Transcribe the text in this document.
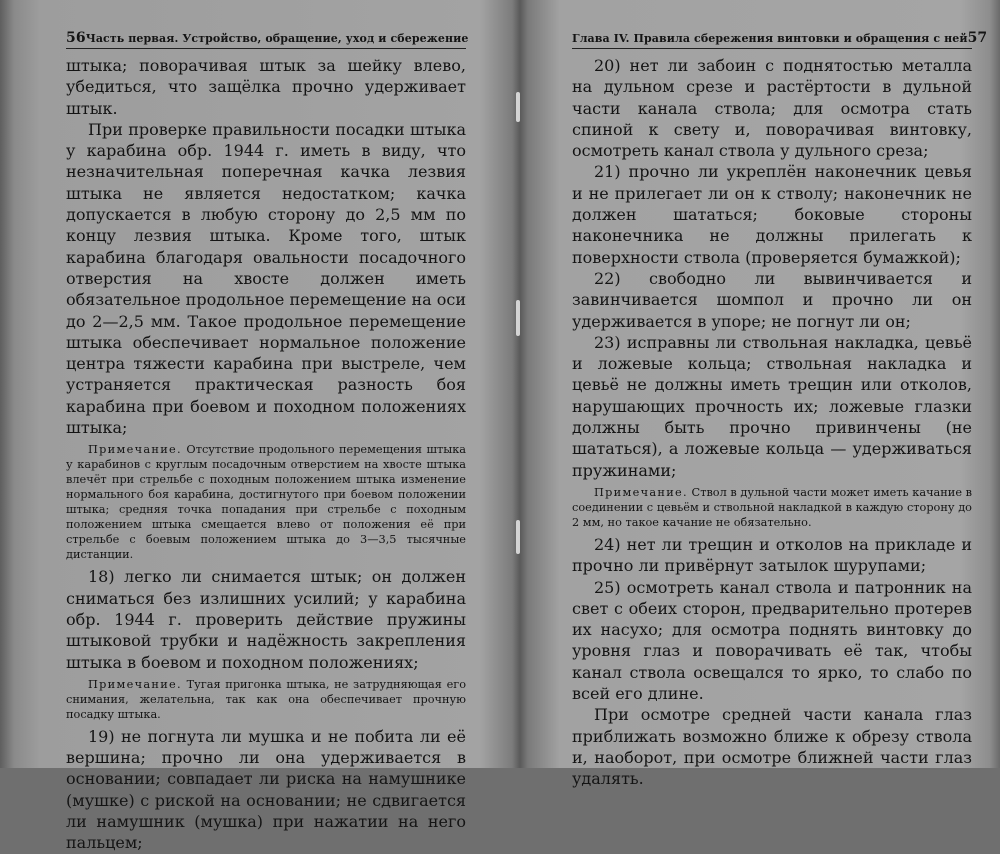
56 Часть первая. Устройство, обращение, уход и сбережение

штыка; поворачивая штык за шейку влево, убедиться, что защёлка прочно удерживает штык.

При проверке правильности посадки штыка у карабина обр. 1944 г. иметь в виду, что незначительная поперечная качка лезвия штыка не является недостатком; качка допускается в любую сторону до 2,5 мм по концу лезвия штыка. Кроме того, штык карабина благодаря овальности посадочного отверстия на хвосте должен иметь обязательное продольное перемещение на оси до 2—2,5 мм. Такое продольное перемещение штыка обеспечивает нормальное положение центра тяжести карабина при выстреле, чем устраняется практическая разность боя карабина при боевом и походном положениях штыка;

Примечание. Отсутствие продольного перемещения штыка у карабинов с круглым посадочным отверстием на хвосте штыка влечёт при стрельбе с походным положением штыка изменение нормального боя карабина, достигнутого при боевом положении штыка; средняя точка попадания при стрельбе с походным положением штыка смещается влево от положения её при стрельбе с боевым положением штыка до 3—3,5 тысячные дистанции.

18) легко ли снимается штык; он должен сниматься без излишних усилий; у карабина обр. 1944 г. проверить действие пружины штыковой трубки и надёжность закрепления штыка в боевом и походном положениях;

Примечание. Тугая пригонка штыка, не затрудняющая его снимания, желательна, так как она обеспечивает прочную посадку штыка.

19) не погнута ли мушка и не побита ли её вершина; прочно ли она удерживается в основании; совпадает ли риска на намушнике (мушке) с риской на основании; не сдвигается ли намушник (мушка) при нажатии на него пальцем;

Глава IV. Правила сбережения винтовки и обращения с ней 57

20) нет ли забоин с поднятостью металла на дульном срезе и растёртости в дульной части канала ствола; для осмотра стать спиной к свету и, поворачивая винтовку, осмотреть канал ствола у дульного среза;

21) прочно ли укреплён наконечник цевья и не прилегает ли он к стволу; наконечник не должен шататься; боковые стороны наконечника не должны прилегать к поверхности ствола (проверяется бумажкой);

22) свободно ли вывинчивается и завинчивается шомпол и прочно ли он удерживается в упоре; не погнут ли он;

23) исправны ли ствольная накладка, цевьё и ложевые кольца; ствольная накладка и цевьё не должны иметь трещин или отколов, нарушающих прочность их; ложевые глазки должны быть прочно привинчены (не шататься), а ложевые кольца — удерживаться пружинами;

Примечание. Ствол в дульной части может иметь качание в соединении с цевьём и ствольной накладкой в каждую сторону до 2 мм, но такое качание не обязательно.

24) нет ли трещин и отколов на прикладе и прочно ли привёрнут затылок шурупами;

25) осмотреть канал ствола и патронник на свет с обеих сторон, предварительно протерев их насухо; для осмотра поднять винтовку до уровня глаз и поворачивать её так, чтобы канал ствола освещался то ярко, то слабо по всей его длине.

При осмотре средней части канала глаз приближать возможно ближе к обрезу ствола и, наоборот, при осмотре ближней части глаз удалять.
